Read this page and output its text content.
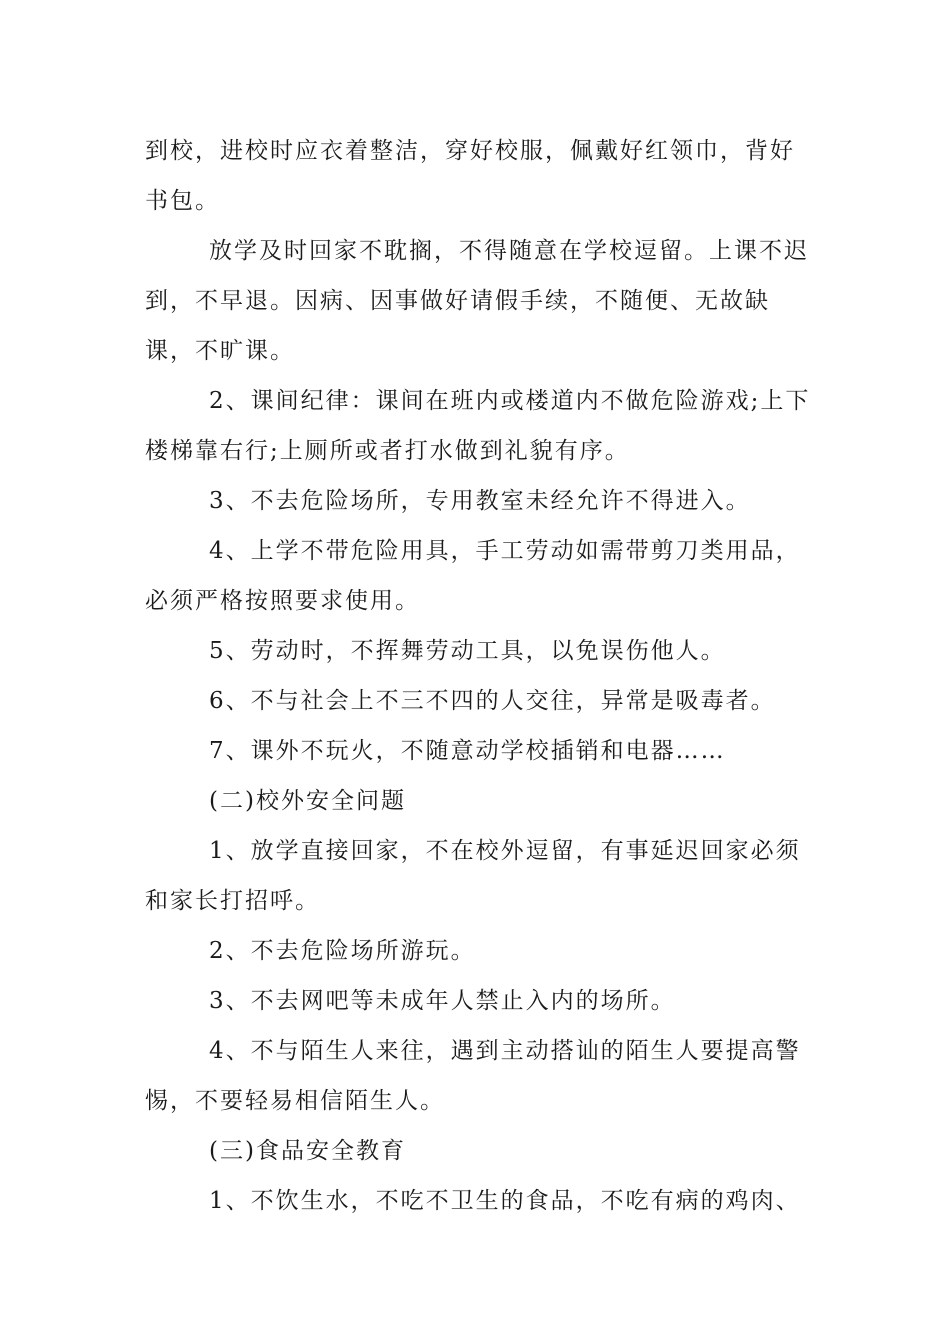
到校，进校时应衣着整洁，穿好校服，佩戴好红领巾，背好书包。

放学及时回家不耽搁，不得随意在学校逗留。上课不迟到，不早退。因病、因事做好请假手续，不随便、无故缺课，不旷课。

2、课间纪律：课间在班内或楼道内不做危险游戏;上下楼梯靠右行;上厕所或者打水做到礼貌有序。

3、不去危险场所，专用教室未经允许不得进入。

4、上学不带危险用具，手工劳动如需带剪刀类用品，必须严格按照要求使用。

5、劳动时，不挥舞劳动工具，以免误伤他人。

6、不与社会上不三不四的人交往，异常是吸毒者。

7、课外不玩火，不随意动学校插销和电器……

(二)校外安全问题

1、放学直接回家，不在校外逗留，有事延迟回家必须和家长打招呼。

2、不去危险场所游玩。

3、不去网吧等未成年人禁止入内的场所。

4、不与陌生人来往，遇到主动搭讪的陌生人要提高警惕，不要轻易相信陌生人。

(三)食品安全教育

1、不饮生水，不吃不卫生的食品，不吃有病的鸡肉、
